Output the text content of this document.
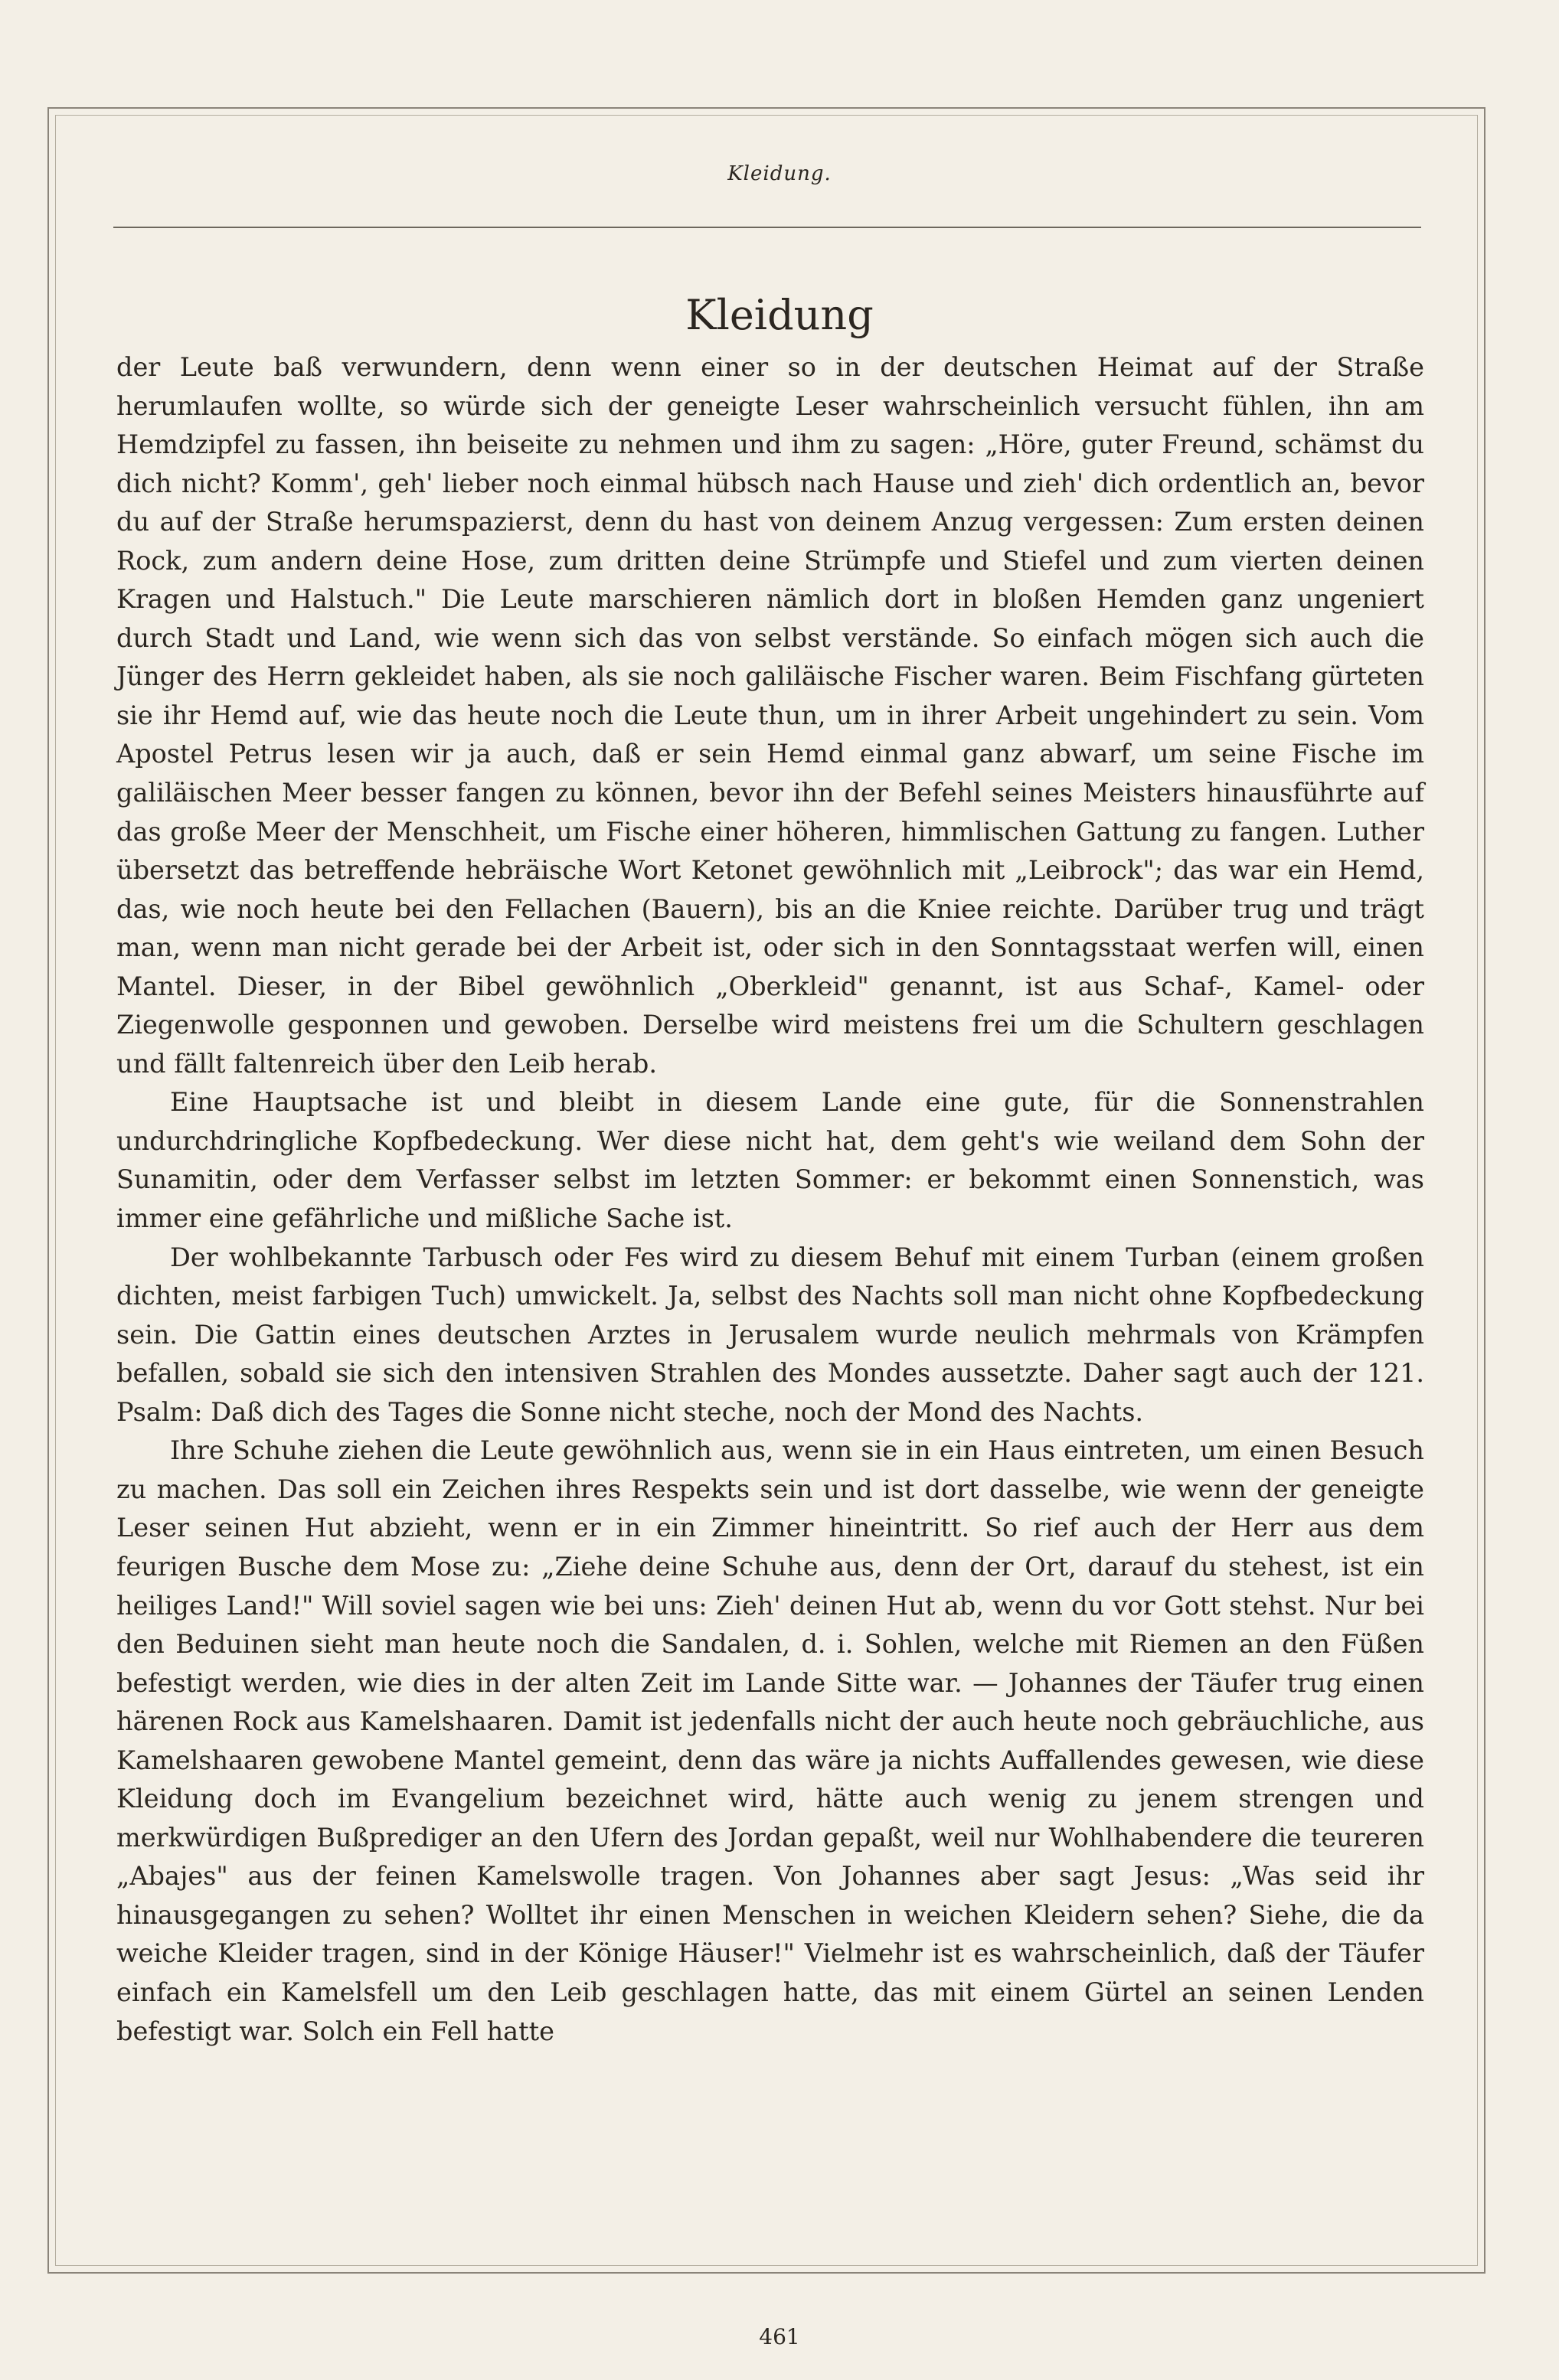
Kleidung.
Kleidung

der Leute baß verwundern, denn wenn einer so in der deutschen Heimat auf der Straße herumlaufen wollte, so würde sich der geneigte Leser wahrscheinlich versucht fühlen, ihn am Hemdzipfel zu fassen, ihn beiseite zu nehmen und ihm zu sagen: „Höre, guter Freund, schämst du dich nicht? Komm', geh' lieber noch einmal hübsch nach Hause und zieh' dich ordentlich an, bevor du auf der Straße herumspazierst, denn du hast von deinem Anzug vergessen: Zum ersten deinen Rock, zum andern deine Hose, zum dritten deine Strümpfe und Stiefel und zum vierten deinen Kragen und Halstuch." Die Leute marschieren nämlich dort in bloßen Hemden ganz ungeniert durch Stadt und Land, wie wenn sich das von selbst verstände. So einfach mögen sich auch die Jünger des Herrn gekleidet haben, als sie noch galiläische Fischer waren. Beim Fischfang gürteten sie ihr Hemd auf, wie das heute noch die Leute thun, um in ihrer Arbeit ungehindert zu sein. Vom Apostel Petrus lesen wir ja auch, daß er sein Hemd einmal ganz abwarf, um seine Fische im galiläischen Meer besser fangen zu können, bevor ihn der Befehl seines Meisters hinausführte auf das große Meer der Menschheit, um Fische einer höheren, himmlischen Gattung zu fangen. Luther übersetzt das betreffende hebräische Wort Ketonet gewöhnlich mit „Leibrock"; das war ein Hemd, das, wie noch heute bei den Fellachen (Bauern), bis an die Kniee reichte. Darüber trug und trägt man, wenn man nicht gerade bei der Arbeit ist, oder sich in den Sonntagsstaat werfen will, einen Mantel. Dieser, in der Bibel gewöhnlich „Oberkleid" genannt, ist aus Schaf-, Kamel- oder Ziegenwolle gesponnen und gewoben. Derselbe wird meistens frei um die Schultern geschlagen und fällt faltenreich über den Leib herab.

Eine Hauptsache ist und bleibt in diesem Lande eine gute, für die Sonnenstrahlen undurchdringliche Kopfbedeckung. Wer diese nicht hat, dem geht's wie weiland dem Sohn der Sunamitin, oder dem Verfasser selbst im letzten Sommer: er bekommt einen Sonnenstich, was immer eine gefährliche und mißliche Sache ist.

Der wohlbekannte Tarbusch oder Fes wird zu diesem Behuf mit einem Turban (einem großen dichten, meist farbigen Tuch) umwickelt. Ja, selbst des Nachts soll man nicht ohne Kopfbedeckung sein. Die Gattin eines deutschen Arztes in Jerusalem wurde neulich mehrmals von Krämpfen befallen, sobald sie sich den intensiven Strahlen des Mondes aussetzte. Daher sagt auch der 121. Psalm: Daß dich des Tages die Sonne nicht steche, noch der Mond des Nachts.

Ihre Schuhe ziehen die Leute gewöhnlich aus, wenn sie in ein Haus eintreten, um einen Besuch zu machen. Das soll ein Zeichen ihres Respekts sein und ist dort dasselbe, wie wenn der geneigte Leser seinen Hut abzieht, wenn er in ein Zimmer hineintritt. So rief auch der Herr aus dem feurigen Busche dem Mose zu: „Ziehe deine Schuhe aus, denn der Ort, darauf du stehest, ist ein heiliges Land!" Will soviel sagen wie bei uns: Zieh' deinen Hut ab, wenn du vor Gott stehst. Nur bei den Beduinen sieht man heute noch die Sandalen, d. i. Sohlen, welche mit Riemen an den Füßen befestigt werden, wie dies in der alten Zeit im Lande Sitte war. — Johannes der Täufer trug einen härenen Rock aus Kamelshaaren. Damit ist jedenfalls nicht der auch heute noch gebräuchliche, aus Kamelshaaren gewobene Mantel gemeint, denn das wäre ja nichts Auffallendes gewesen, wie diese Kleidung doch im Evangelium bezeichnet wird, hätte auch wenig zu jenem strengen und merkwürdigen Bußprediger an den Ufern des Jordan gepaßt, weil nur Wohlhabendere die teureren „Abajes" aus der feinen Kamelswolle tragen. Von Johannes aber sagt Jesus: „Was seid ihr hinausgegangen zu sehen? Wolltet ihr einen Menschen in weichen Kleidern sehen? Siehe, die da weiche Kleider tragen, sind in der Könige Häuser!" Vielmehr ist es wahrscheinlich, daß der Täufer einfach ein Kamelsfell um den Leib geschlagen hatte, das mit einem Gürtel an seinen Lenden befestigt war. Solch ein Fell hatte

461
